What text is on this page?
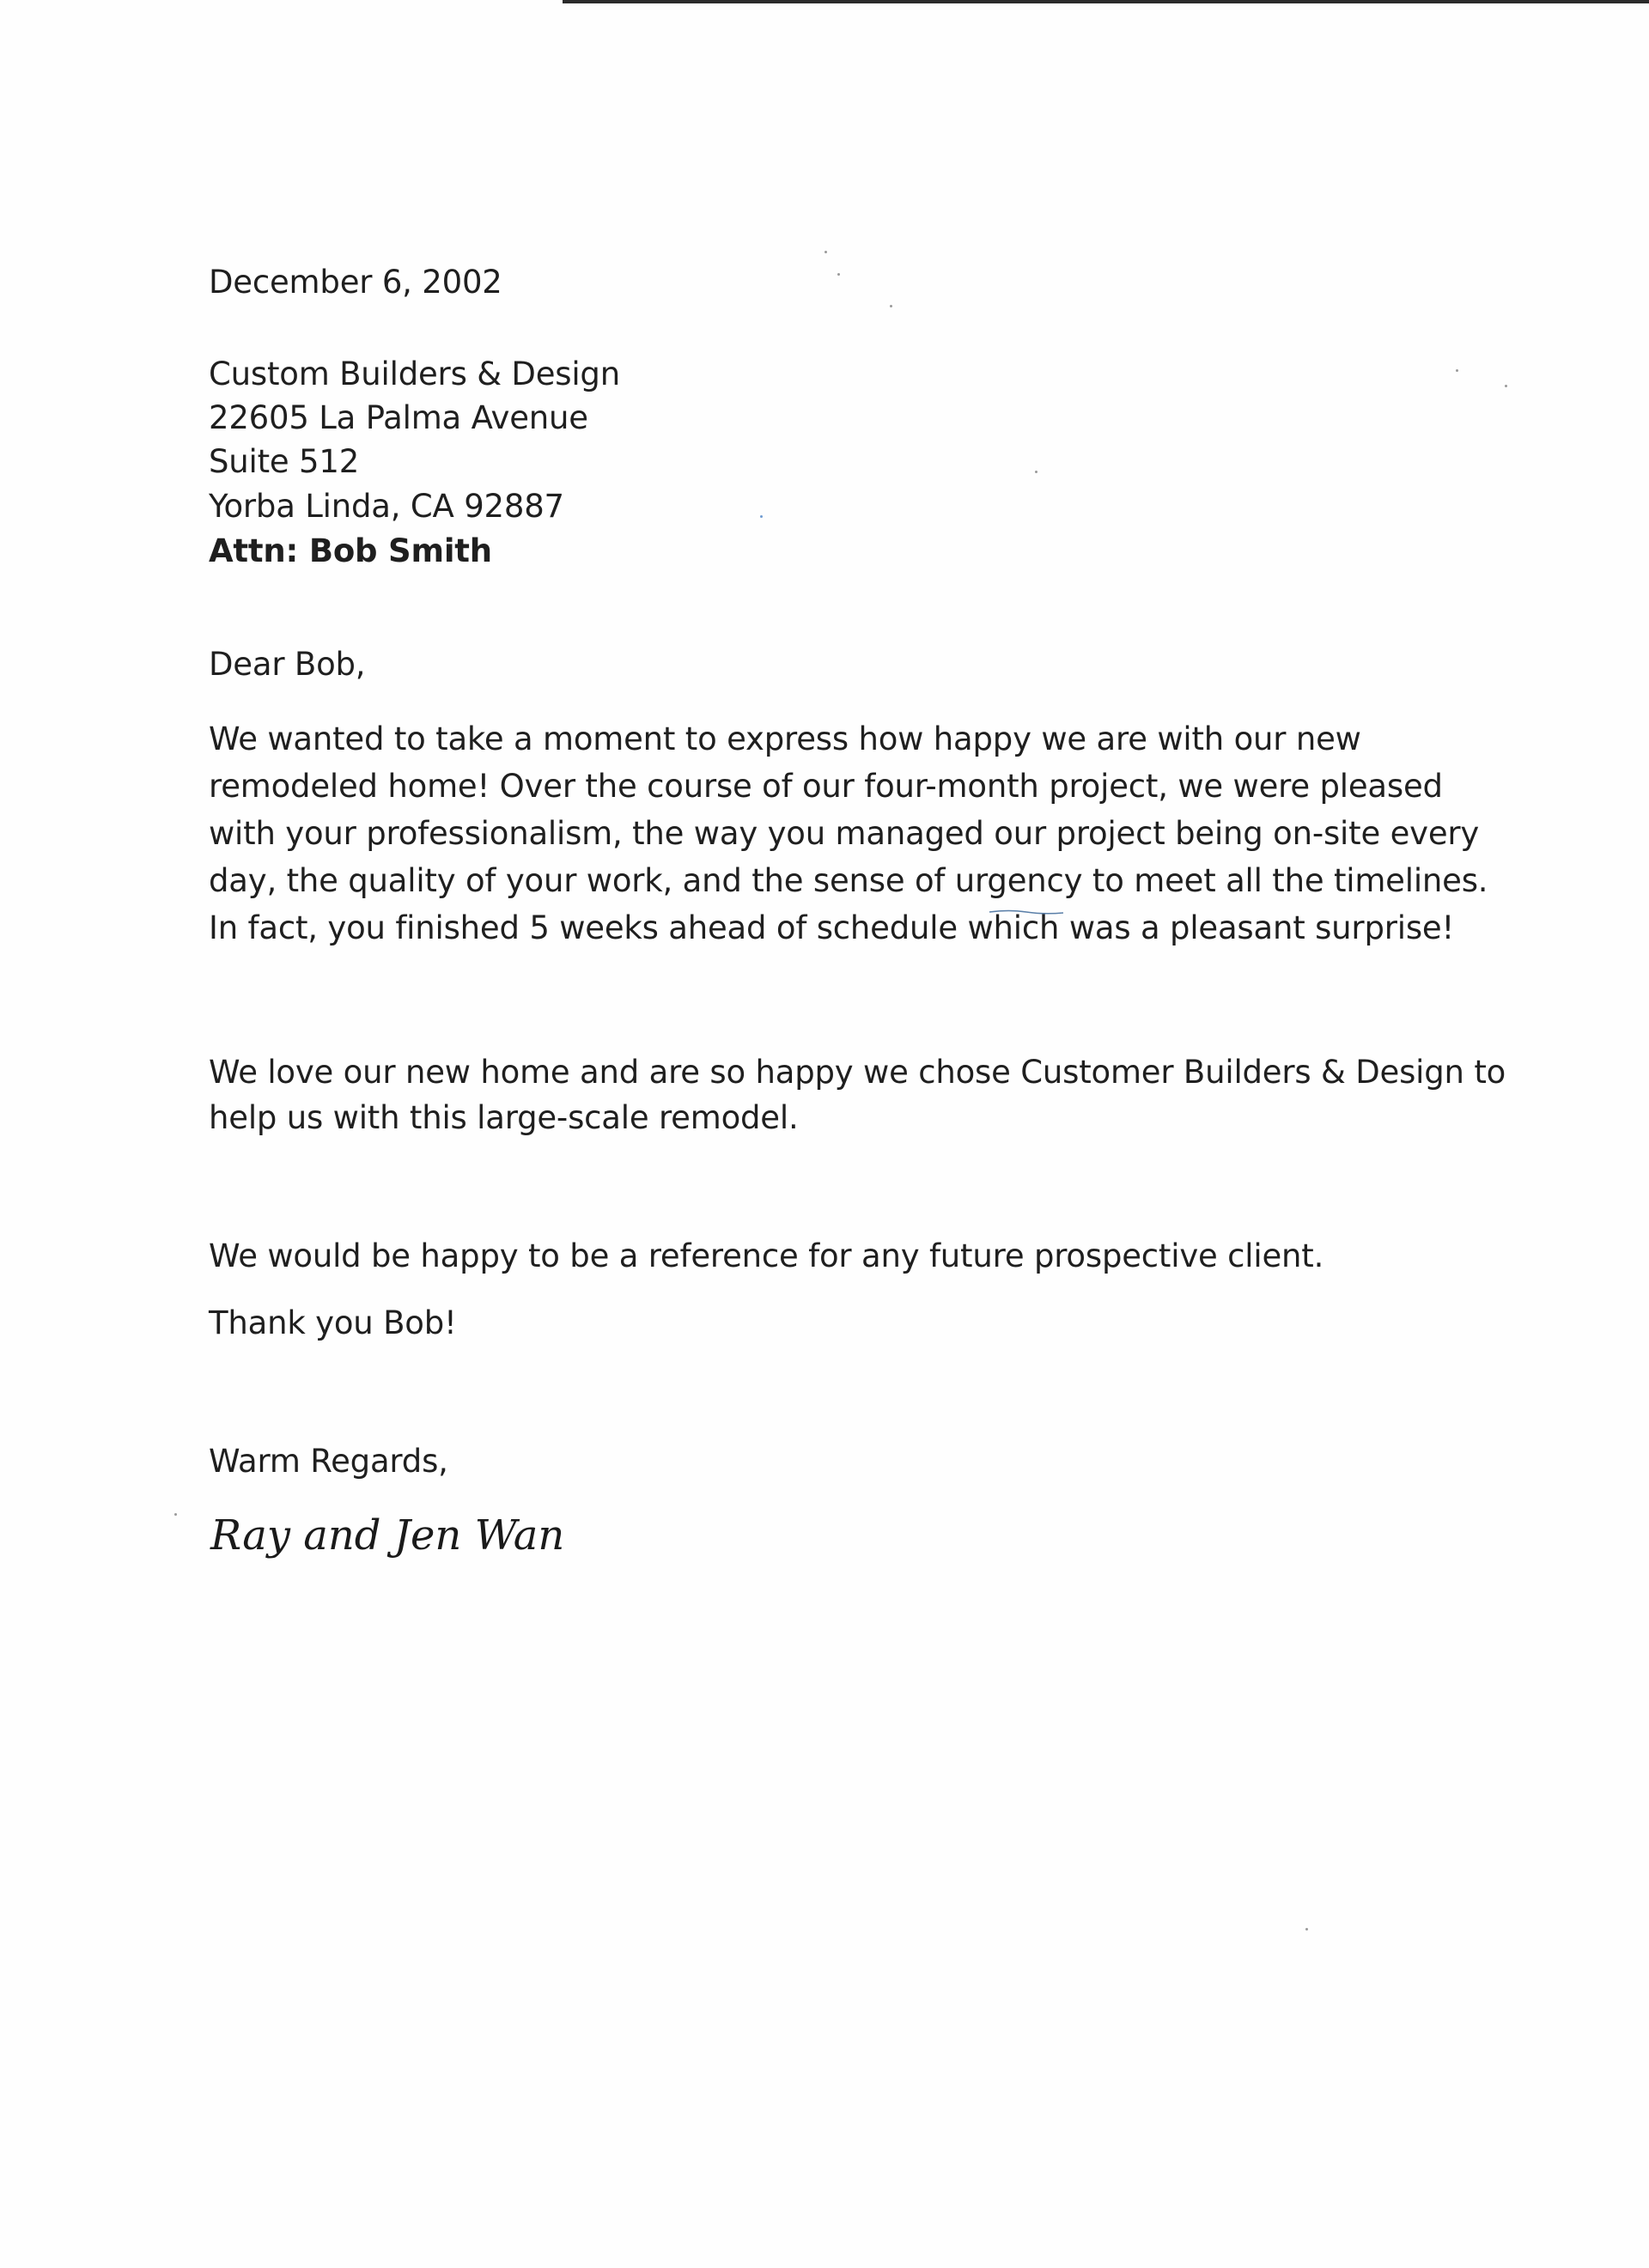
December 6, 2002
Custom Builders & Design
22605 La Palma Avenue
Suite 512
Yorba Linda, CA 92887
Attn: Bob Smith
Dear Bob,
We wanted to take a moment to express how happy we are with our new
remodeled home! Over the course of our four-month project, we were pleased
with your professionalism, the way you managed our project being on-site every
day, the quality of your work, and the sense of urgency to meet all the timelines.
In fact, you finished 5 weeks ahead of schedule which was a pleasant surprise!
We love our new home and are so happy we chose Customer Builders & Design to
help us with this large-scale remodel.
We would be happy to be a reference for any future prospective client.
Thank you Bob!
Warm Regards,
Ray and Jen Wan
